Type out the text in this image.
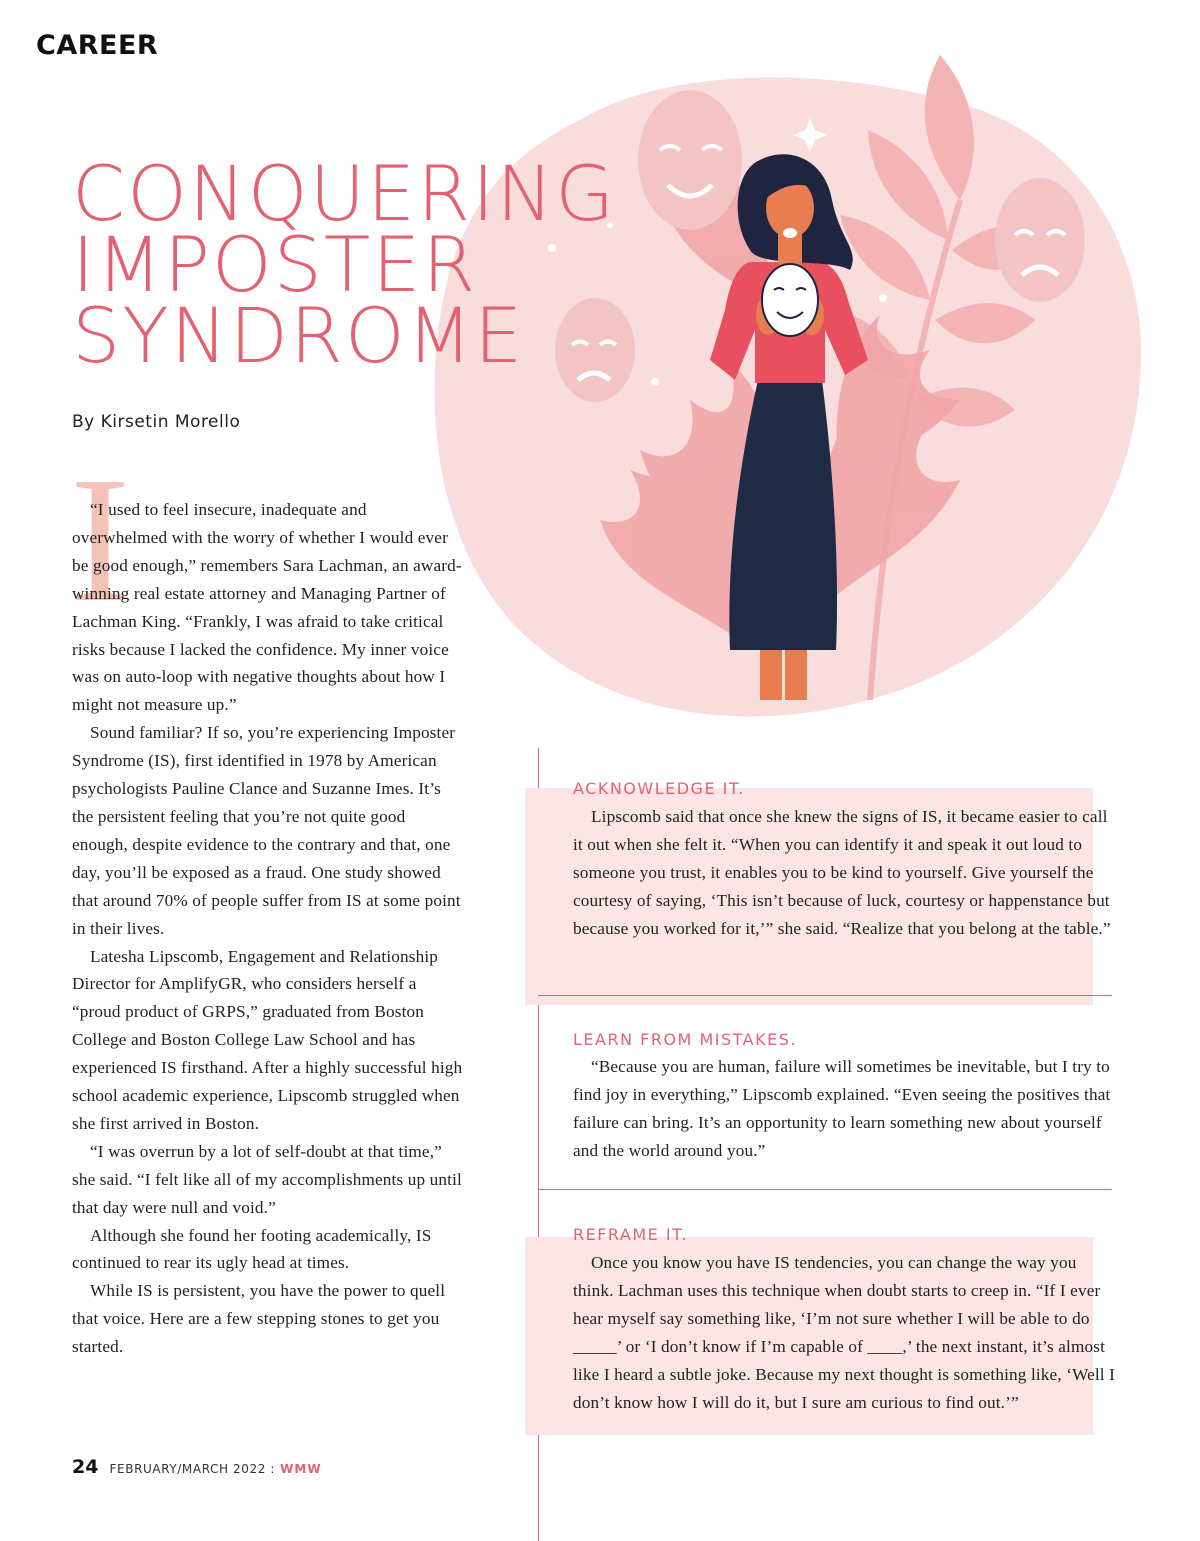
CAREER
CONQUERING
IMPOSTER
SYNDROME
By Kirsetin Morello
I

“I used to feel insecure, inadequate and overwhelmed with the worry of whether I would ever be good enough,” remembers Sara Lachman, an award-winning real estate attorney and Managing Partner of Lachman King. “Frankly, I was afraid to take critical risks because I lacked the confidence. My inner voice was on auto-loop with negative thoughts about how I might not measure up.”

Sound familiar? If so, you’re experiencing Imposter Syndrome (IS), first identified in 1978 by American psychologists Pauline Clance and Suzanne Imes. It’s the persistent feeling that you’re not quite good enough, despite evidence to the contrary and that, one day, you’ll be exposed as a fraud. One study showed that around 70% of people suffer from IS at some point in their lives.

Latesha Lipscomb, Engagement and Relationship Director for AmplifyGR, who considers herself a “proud product of GRPS,” graduated from Boston College and Boston College Law School and has experienced IS firsthand. After a highly successful high school academic experience, Lipscomb struggled when she first arrived in Boston.

“I was overrun by a lot of self-doubt at that time,” she said. “I felt like all of my accomplishments up until that day were null and void.”

Although she found her footing academically, IS continued to rear its ugly head at times.

While IS is persistent, you have the power to quell that voice. Here are a few stepping stones to get you started.

ACKNOWLEDGE IT.

Lipscomb said that once she knew the signs of IS, it became easier to call it out when she felt it. “When you can identify it and speak it out loud to someone you trust, it enables you to be kind to yourself. Give yourself the courtesy of saying, ‘This isn’t because of luck, courtesy or happenstance but because you worked for it,’” she said. “Realize that you belong at the table.”

LEARN FROM MISTAKES.

“Because you are human, failure will sometimes be inevitable, but I try to find joy in everything,” Lipscomb explained. “Even seeing the positives that failure can bring. It’s an opportunity to learn something new about yourself and the world around you.”

REFRAME IT.

Once you know you have IS tendencies, you can change the way you think. Lachman uses this technique when doubt starts to creep in. “If I ever hear myself say something like, ‘I’m not sure whether I will be able to do _____’ or ‘I don’t know if I’m capable of ____,’ the next instant, it’s almost like I heard a subtle joke. Because my next thought is something like, ‘Well I don’t know how I will do it, but I sure am curious to find out.’”

24 FEBRUARY/MARCH 2022 : WMW
